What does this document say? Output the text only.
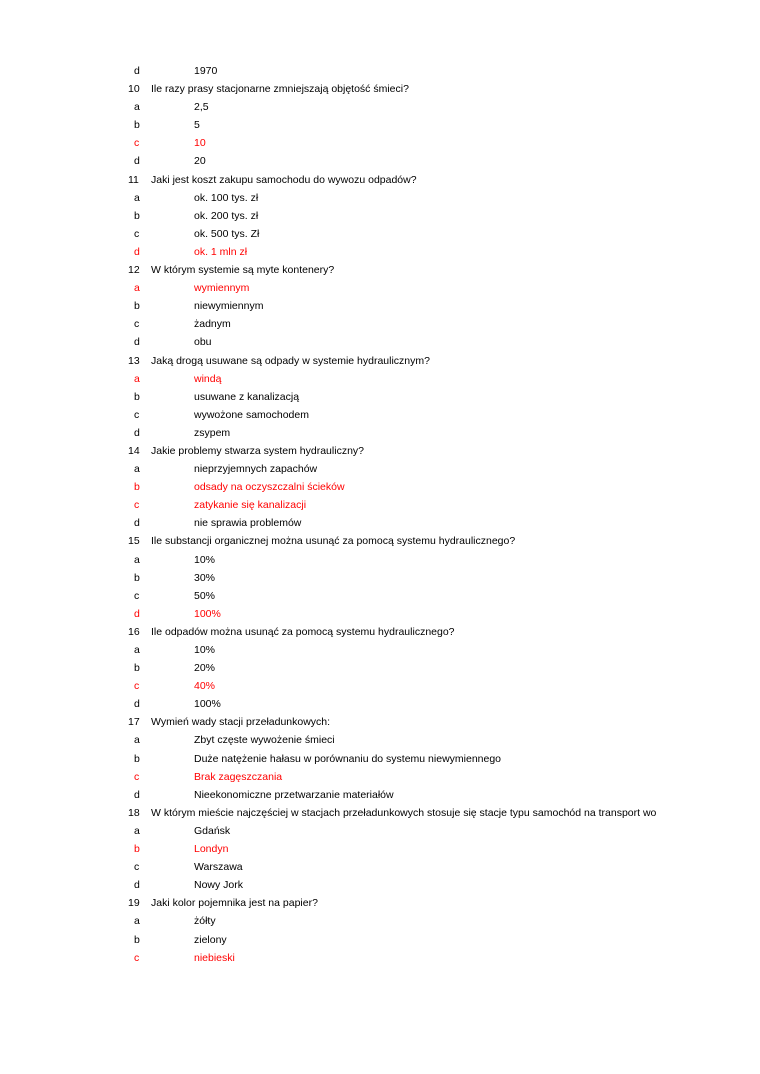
d	1970
10	Ile razy prasy stacjonarne zmniejszają objętość śmieci?
a	2,5
b	5
c	10
d	20
11	Jaki jest koszt zakupu samochodu do wywozu odpadów?
a	ok. 100 tys. zł
b	ok. 200 tys. zł
c	ok. 500 tys. Zł
d	ok. 1 mln zł
12	W którym systemie są myte kontenery?
a	wymiennym
b	niewymiennym
c	żadnym
d	obu
13	Jaką drogą usuwane są odpady w systemie hydraulicznym?
a	windą
b	usuwane z kanalizacją
c	wywożone samochodem
d	zsypem
14	Jakie problemy stwarza system hydrauliczny?
a	nieprzyjemnych zapachów
b	odsady na oczyszczalni ścieków
c	zatykanie się kanalizacji
d	nie sprawia problemów
15	Ile substancji organicznej można usunąć za pomocą systemu hydraulicznego?
a	10%
b	30%
c	50%
d	100%
16	Ile odpadów można usunąć za pomocą systemu hydraulicznego?
a	10%
b	20%
c	40%
d	100%
17	Wymień wady stacji przeładunkowych:
a	Zbyt częste wywożenie śmieci
b	Duże natężenie hałasu w porównaniu do systemu niewymiennego
c	Brak zagęszczania
d	Nieekonomiczne przetwarzanie materiałów
18	W którym mieście najczęściej w stacjach przeładunkowych stosuje się stacje typu samochód na transport wo
a	Gdańsk
b	Londyn
c	Warszawa
d	Nowy Jork
19	Jaki kolor pojemnika jest na papier?
a	żółty
b	zielony
c	niebieski
